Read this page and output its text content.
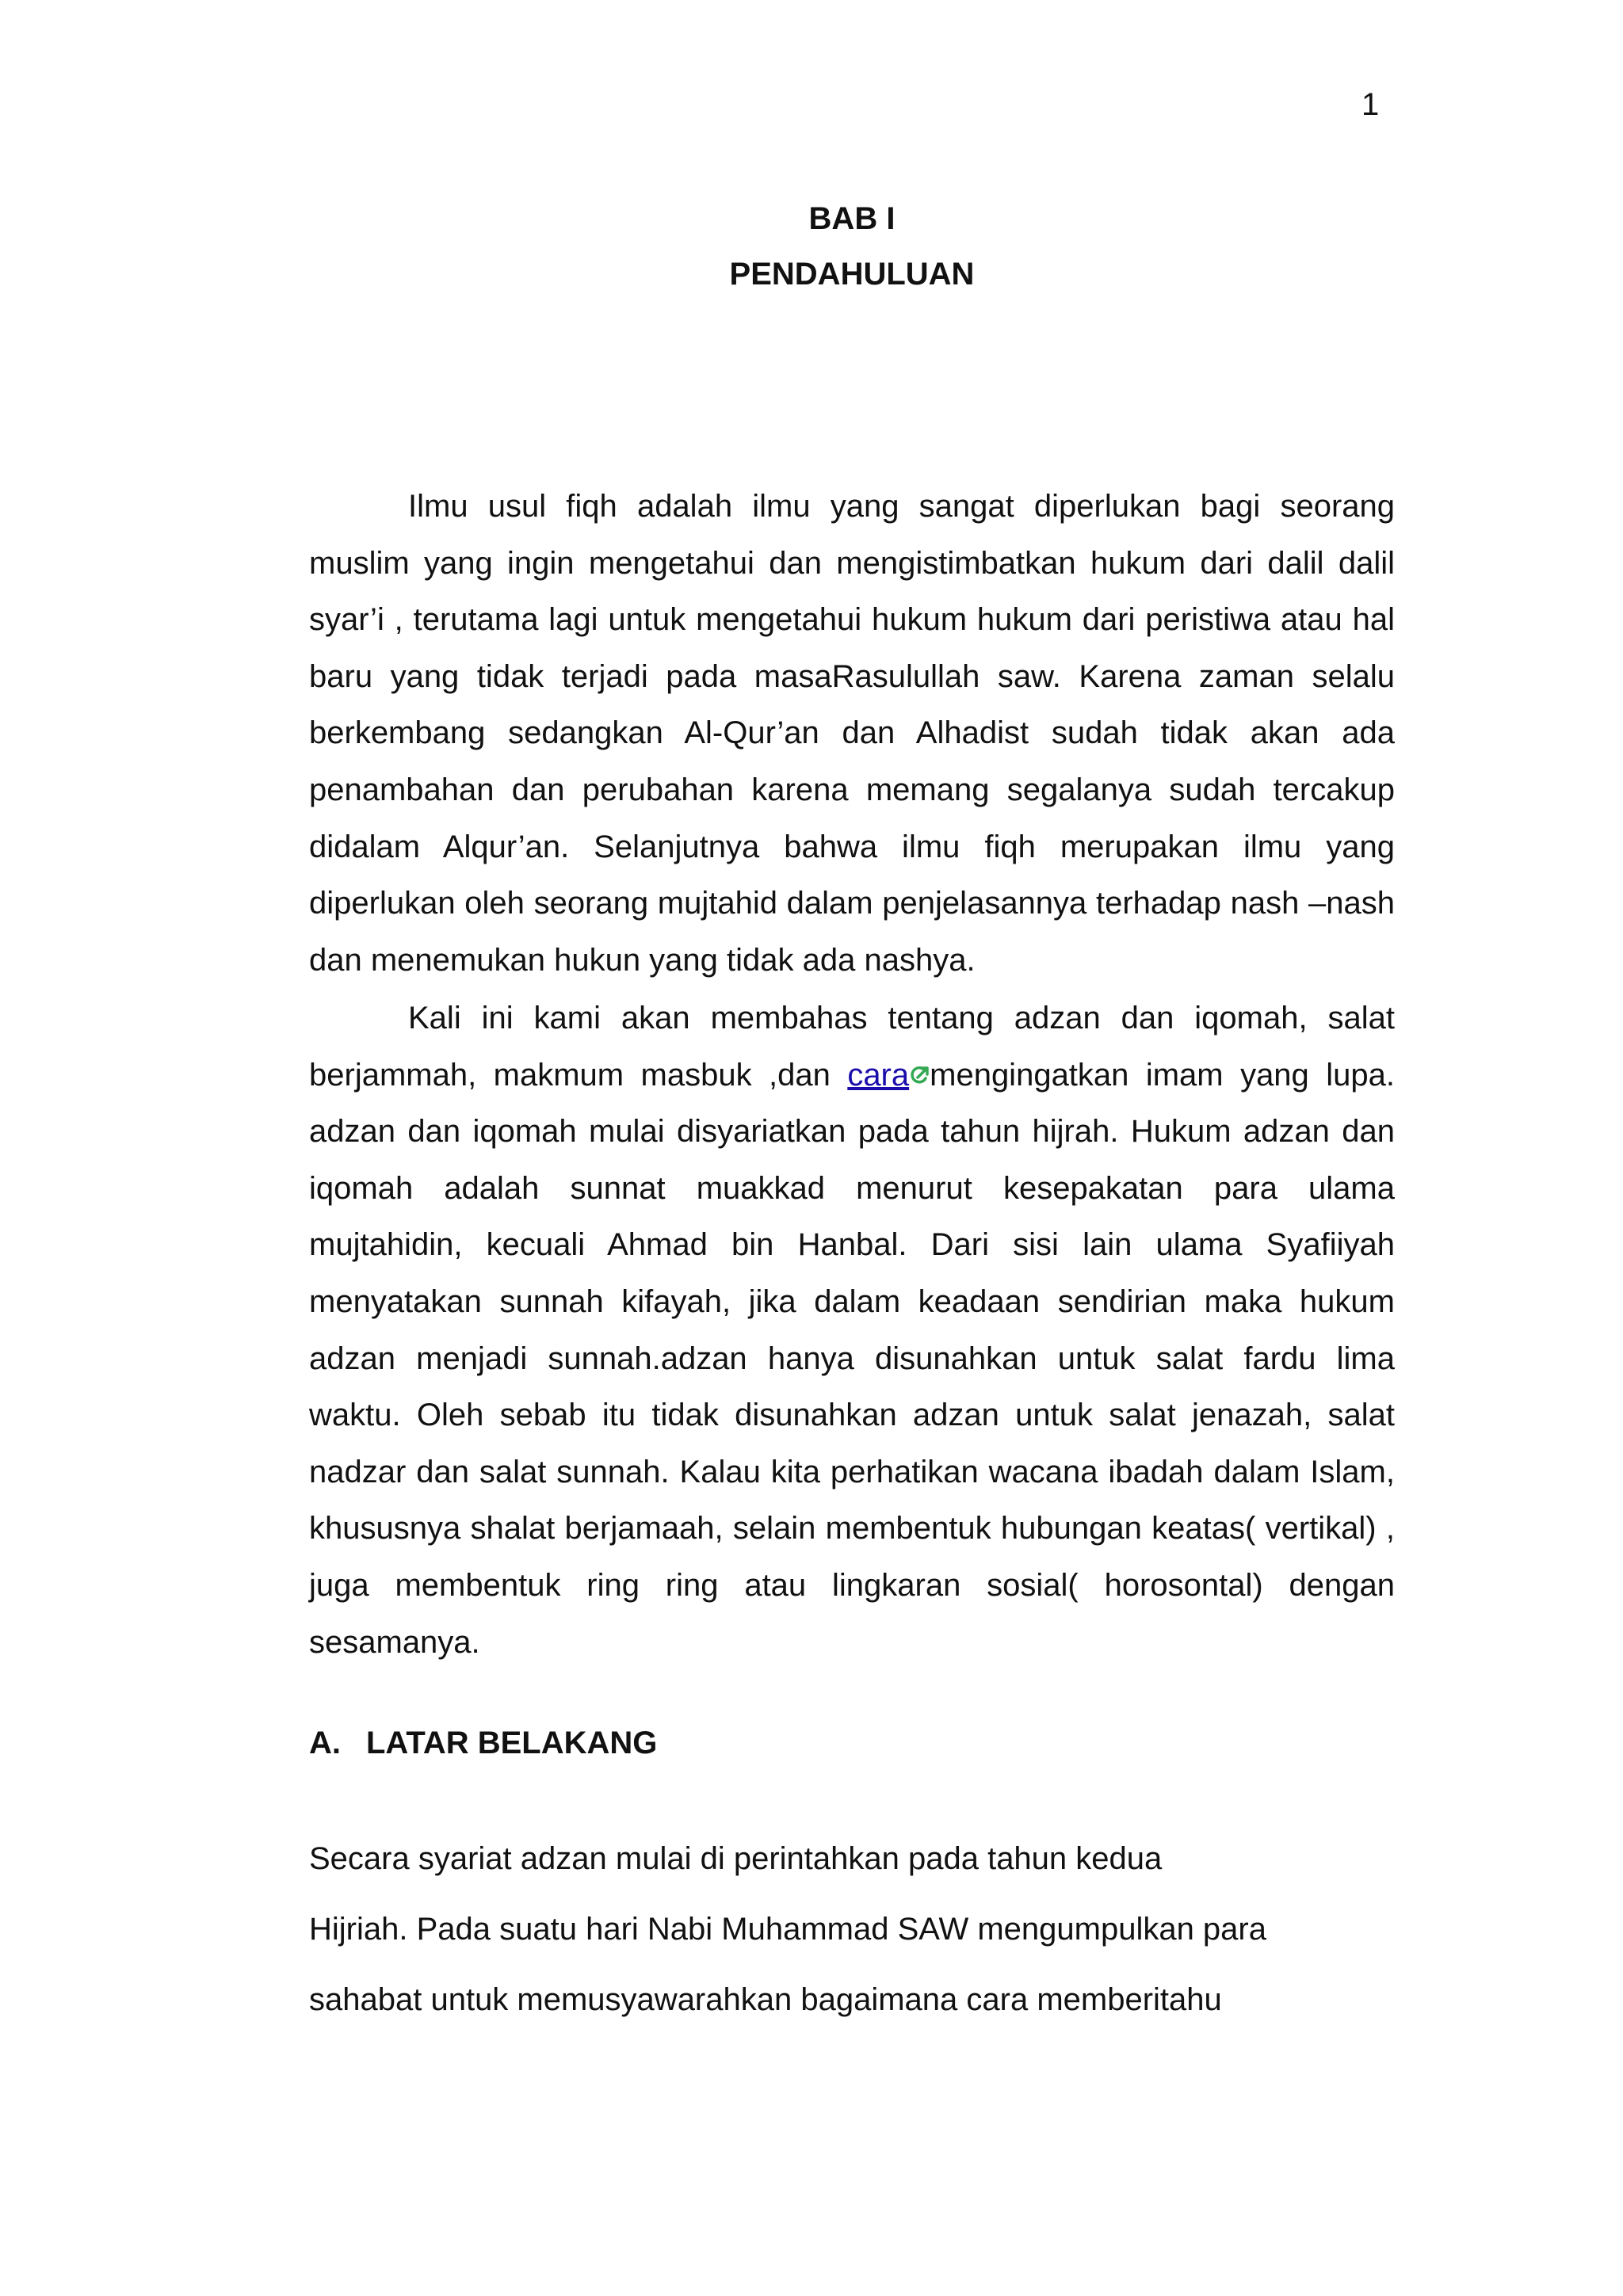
1
BAB I
PENDAHULUAN

Ilmu usul fiqh adalah ilmu yang sangat diperlukan bagi seorang muslim yang ingin mengetahui dan mengistimbatkan hukum dari dalil dalil syar’i , terutama lagi untuk mengetahui hukum hukum dari peristiwa atau hal baru yang tidak terjadi pada masaRasulullah saw. Karena zaman selalu berkembang sedangkan Al-Qur’an dan Alhadist sudah tidak akan ada penambahan dan perubahan karena memang segalanya sudah tercakup didalam Alqur’an. Selanjutnya bahwa ilmu fiqh merupakan ilmu yang diperlukan oleh seorang mujtahid dalam penjelasannya terhadap nash –nash dan menemukan hukun yang tidak ada nashya.

Kali ini kami akan membahas tentang adzan dan iqomah, salat berjammah, makmum masbuk ,dan cara mengingatkan imam yang lupa. adzan dan iqomah mulai disyariatkan pada tahun hijrah. Hukum adzan dan iqomah adalah sunnat muakkad menurut kesepakatan para ulama mujtahidin, kecuali Ahmad bin Hanbal. Dari sisi lain ulama Syafiiyah menyatakan sunnah kifayah, jika dalam keadaan sendirian maka hukum adzan menjadi sunnah.adzan hanya disunahkan untuk salat fardu lima waktu. Oleh sebab itu tidak disunahkan adzan untuk salat jenazah, salat nadzar dan salat sunnah. Kalau kita perhatikan wacana ibadah dalam Islam, khususnya shalat berjamaah, selain membentuk hubungan keatas( vertikal) , juga membentuk ring ring atau lingkaran sosial( horosontal) dengan sesamanya.

A. LATAR BELAKANG
Secara syariat adzan mulai di perintahkan pada tahun kedua
Hijriah. Pada suatu hari Nabi Muhammad SAW mengumpulkan para
sahabat untuk memusyawarahkan bagaimana cara memberitahu
